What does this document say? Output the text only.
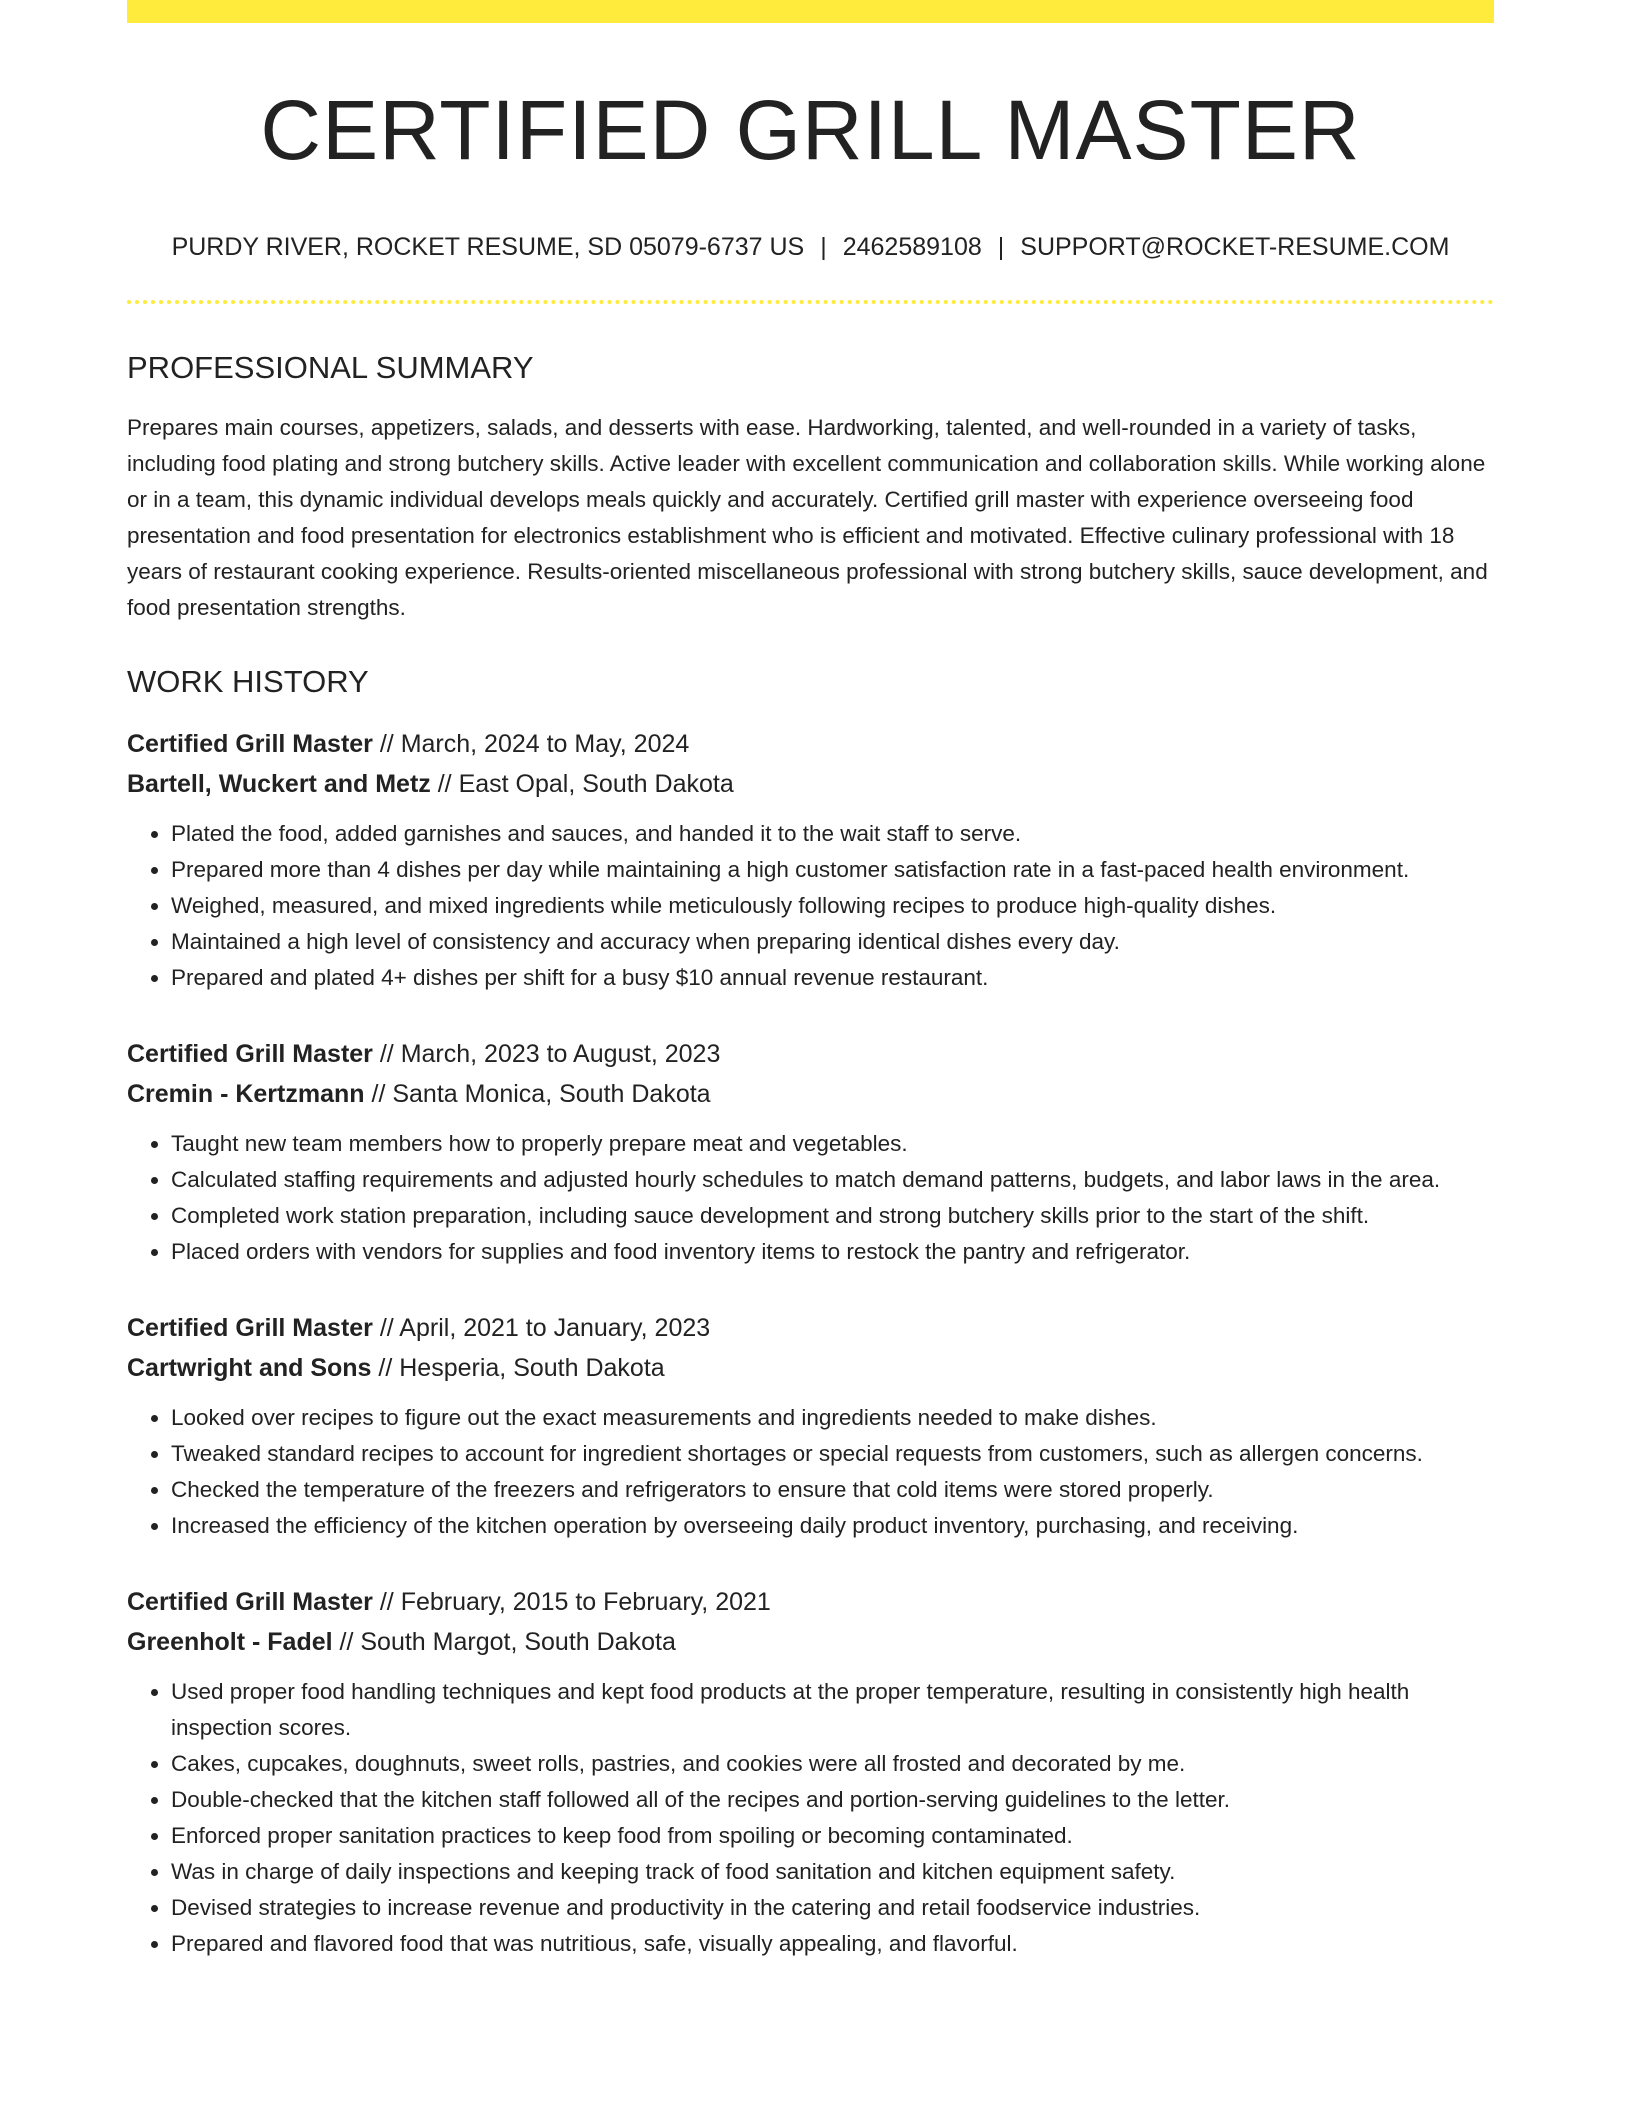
CERTIFIED GRILL MASTER
PURDY RIVER, ROCKET RESUME, SD 05079-6737 US | 2462589108 | SUPPORT@ROCKET-RESUME.COM
PROFESSIONAL SUMMARY

Prepares main courses, appetizers, salads, and desserts with ease. Hardworking, talented, and well-rounded in a variety of tasks, including food plating and strong butchery skills. Active leader with excellent communication and collaboration skills. While working alone or in a team, this dynamic individual develops meals quickly and accurately. Certified grill master with experience overseeing food presentation and food presentation for electronics establishment who is efficient and motivated. Effective culinary professional with 18 years of restaurant cooking experience. Results-oriented miscellaneous professional with strong butchery skills, sauce development, and food presentation strengths.

WORK HISTORY
Certified Grill Master // March, 2024 to May, 2024
Bartell, Wuckert and Metz // East Opal, South Dakota
• Plated the food, added garnishes and sauces, and handed it to the wait staff to serve.
• Prepared more than 4 dishes per day while maintaining a high customer satisfaction rate in a fast-paced health environment.
• Weighed, measured, and mixed ingredients while meticulously following recipes to produce high-quality dishes.
• Maintained a high level of consistency and accuracy when preparing identical dishes every day.
• Prepared and plated 4+ dishes per shift for a busy $10 annual revenue restaurant.
Certified Grill Master // March, 2023 to August, 2023
Cremin - Kertzmann // Santa Monica, South Dakota
• Taught new team members how to properly prepare meat and vegetables.
• Calculated staffing requirements and adjusted hourly schedules to match demand patterns, budgets, and labor laws in the area.
• Completed work station preparation, including sauce development and strong butchery skills prior to the start of the shift.
• Placed orders with vendors for supplies and food inventory items to restock the pantry and refrigerator.
Certified Grill Master // April, 2021 to January, 2023
Cartwright and Sons // Hesperia, South Dakota
• Looked over recipes to figure out the exact measurements and ingredients needed to make dishes.
• Tweaked standard recipes to account for ingredient shortages or special requests from customers, such as allergen concerns.
• Checked the temperature of the freezers and refrigerators to ensure that cold items were stored properly.
• Increased the efficiency of the kitchen operation by overseeing daily product inventory, purchasing, and receiving.
Certified Grill Master // February, 2015 to February, 2021
Greenholt - Fadel // South Margot, South Dakota
• Used proper food handling techniques and kept food products at the proper temperature, resulting in consistently high health inspection scores.
• Cakes, cupcakes, doughnuts, sweet rolls, pastries, and cookies were all frosted and decorated by me.
• Double-checked that the kitchen staff followed all of the recipes and portion-serving guidelines to the letter.
• Enforced proper sanitation practices to keep food from spoiling or becoming contaminated.
• Was in charge of daily inspections and keeping track of food sanitation and kitchen equipment safety.
• Devised strategies to increase revenue and productivity in the catering and retail foodservice industries.
• Prepared and flavored food that was nutritious, safe, visually appealing, and flavorful.
